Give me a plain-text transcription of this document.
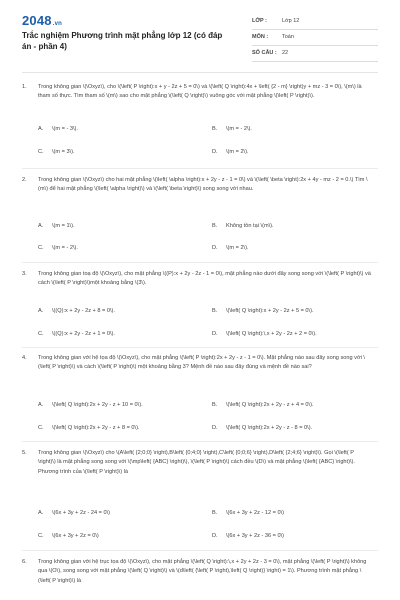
2048.vn
Trắc nghiệm Phương trình mặt phẳng lớp 12 (có đáp án - phần 4)
LỚP :	Lớp 12
MÔN :	Toán
SỐ CÂU : 22
1.	Trong không gian \(\Oxyz\), cho \(\left( P \right):x + y - 2z + 5 = 0\) và \(\left( Q \right):4x + \left( {2 - m} \right)y + mz - 3 = 0\), \(m\) là tham số thực. Tìm tham số \(m\) sao cho mặt phẳng \(\left( Q \right)\) vuông góc với mặt phẳng \(\left( P \right)\).
A. \(m = - 3\).	B. \(m = - 2\).
C. \(m = 3\).	D. \(m = 2\).
2.	Trong không gian \(\Oxyz\) cho hai mặt phẳng \(\left( \alpha \right):x + 2y - z - 1 = 0\) và \(\left( \beta \right):2x + 4y - mz - 2 = 0.\) Tìm \(m\) để hai mặt phẳng \(\left( \alpha \right)\) và \(\left( \beta \right)\) song song với nhau.
A. \(m = 1\).	B. Không tồn tại \(m\).
C. \(m = - 2\).	D. \(m = 2\).
3.	Trong không gian toạ độ \(\Oxyz\), cho mặt phẳng \((P):x + 2y - 2z - 1 = 0\), mặt phẳng nào dưới đây song song với \(\left( P \right)\) và cách \(\left( P \right)\)một khoảng bằng \(3\).
A. \((Q):x + 2y - 2z + 8 = 0\).	B. \(\left( Q \right):x + 2y - 2z + 5 = 0\).
C. \((Q):x + 2y - 2z + 1 = 0\).	D. \(\left( Q \right):\,x + 2y - 2z + 2 = 0\).
4.	Trong không gian với hệ tọa độ \(\Oxyz\), cho mặt phẳng \(\left( P \right):2x + 2y - z - 1 = 0\). Mặt phẳng nào sau đây song song với \(\left( P \right)\) và cách \(\left( P \right)\) một khoảng bằng 3? Mệnh đề nào sau đây đúng và mệnh đề nào sai?
A. \(\left( Q \right):2x + 2y - z + 10 = 0\).	B. \(\left( Q \right):2x + 2y - z + 4 = 0\).
C. \(\left( Q \right):2x + 2y - z + 8 = 0\).	D. \(\left( Q \right):2x + 2y - z - 8 = 0\).
5.	Trong không gian \(\Oxyz\) cho \(A\left( {2;0;0} \right),B\left( {0;4;0} \right),C\left( {0;0;6} \right),D\left( {2;4;6} \right)\). Gọi \(\left( P \right)\) là mặt phẳng song song với \(\mp\left( {ABC} \right)\), \(\left( P \right)\) cách đều \(D\) và mặt phẳng \(\left( {ABC} \right)\). Phương trình của \(\left( P \right)\) là
A. \(6x + 3y + 2z - 24 = 0\)	B. \(6x + 3y + 2z - 12 = 0\)
C. \(6x + 3y + 2z = 0\)	D. \(6x + 3y + 2z - 36 = 0\)
6.	Trong không gian với hệ trục tọa độ \(\Oxyz\), cho mặt phẳng \(\left( Q \right):\,x + 2y + 2z - 3 = 0\), mặt phẳng \(\left( P \right)\) không qua \(O\), song song với mặt phẳng \(\left( Q \right)\) và \(d\left( {\left( P \right),\left( Q \right)} \right) = 1\). Phương trình mặt phẳng \(\left( P \right)\) là
